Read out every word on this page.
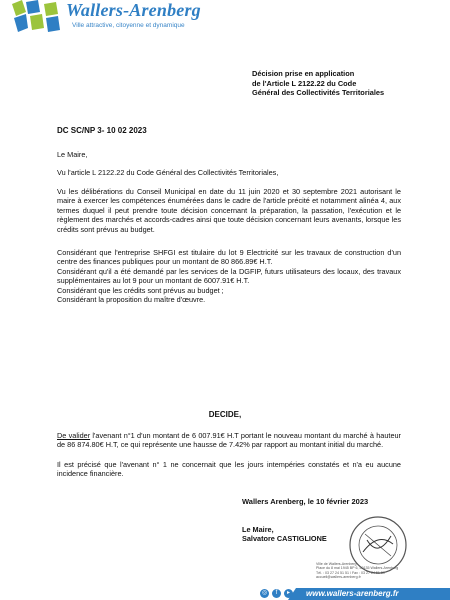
Wallers-Arenberg
Ville attractive, citoyenne et dynamique
Décision prise en application
de l'Article L 2122.22 du Code
Général des Collectivités Territoriales
DC SC/NP 3- 10 02 2023
Le Maire,
Vu l'article L 2122.22 du Code Général des Collectivités Territoriales,
Vu les délibérations du Conseil Municipal en date du 11 juin 2020 et 30 septembre 2021 autorisant le maire à exercer les compétences énumérées dans le cadre de l'article précité et notamment alinéa 4, aux termes duquel il peut prendre toute décision concernant la préparation, la passation, l'exécution et le règlement des marchés et accords-cadres ainsi que toute décision concernant leurs avenants, lorsque les crédits sont prévus au budget.
Considérant que l'entreprise SHFGI est titulaire du lot 9 Electricité sur les travaux de construction d'un centre des finances publiques pour un montant de 80 866.89€ H.T.
Considérant qu'il a été demandé par les services de la DGFIP, futurs utilisateurs des locaux, des travaux supplémentaires au lot 9 pour un montant de 6007.91€ H.T.
Considérant que les crédits sont prévus au budget ;
Considérant la proposition du maître d'œuvre.
DECIDE,
De valider l'avenant n°1 d'un montant de 6 007.91€ H.T portant le nouveau montant du marché à hauteur de 86 874.80€ H.T, ce qui représente une hausse de 7.42% par rapport au montant initial du marché.
Il est précisé que l'avenant n° 1 ne concernait que les jours intempéries constatés et n'a eu aucune incidence financière.
Wallers Arenberg, le 10 février 2023
Le Maire,
Salvatore CASTIGLIONE
Ville de Wallers-Arenberg
Place du 8 mai 1945 BP 6, 59135 Wallers-Arenberg
Tél. : 03 27 24 51 51 / Fax : 03 27 24 51 50
accueil@wallers-arenberg.fr
◎	f	▸	www.wallers-arenberg.fr
